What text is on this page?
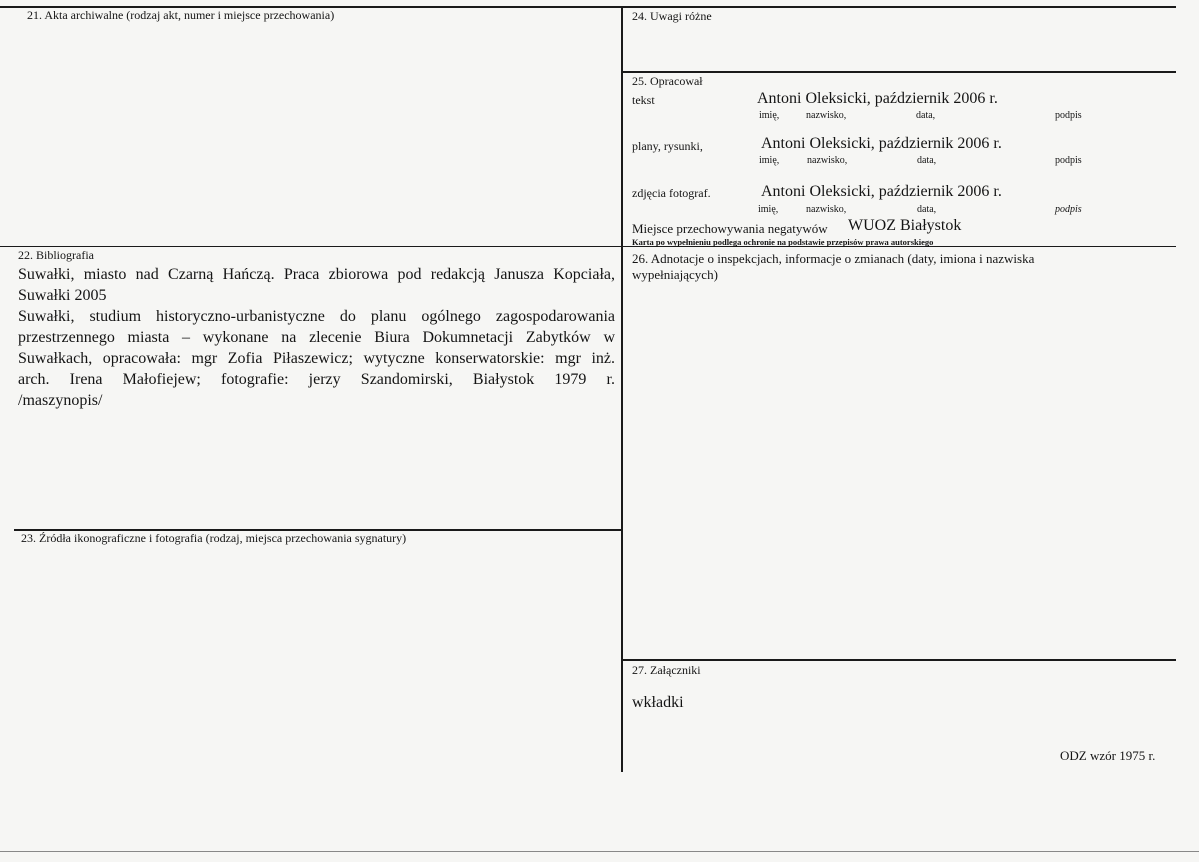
21. Akta archiwalne (rodzaj akt, numer i miejsce przechowania)
22. Bibliografia
Suwałki, miasto nad Czarną Hańczą. Praca zbiorowa pod redakcją Janusza Kopciała,
Suwałki 2005
Suwałki, studium historyczno-urbanistyczne do planu ogólnego zagospodarowania
przestrzennego miasta – wykonane na zlecenie Biura Dokumnetacji Zabytków w
Suwałkach, opracowała: mgr Zofia Piłaszewicz; wytyczne konserwatorskie: mgr inż.
arch. Irena Małofiejew; fotografie: jerzy Szandomirski, Białystok 1979 r.
/maszynopis/
23. Źródła ikonograficzne i fotografia (rodzaj, miejsca przechowania sygnatury)
24. Uwagi różne
25. Opracował
tekst	Antoni Oleksicki, październik 2006 r.
imię,	nazwisko,	data,	podpis
plany, rysunki,	Antoni Oleksicki, październik 2006 r.
imię,	nazwisko,	data,	podpis
zdjęcia fotograf.	Antoni Oleksicki, październik 2006 r.
imię,	nazwisko,	data,	podpis
Miejsce przechowywania negatywów WUOZ Białystok
Karta po wypełnieniu podlega ochronie na podstawie przepisów prawa autorskiego
26. Adnotacje o inspekcjach, informacje o zmianach (daty, imiona i nazwiska
wypełniających)
27. Załączniki
wkładki
ODZ wzór 1975 r.
